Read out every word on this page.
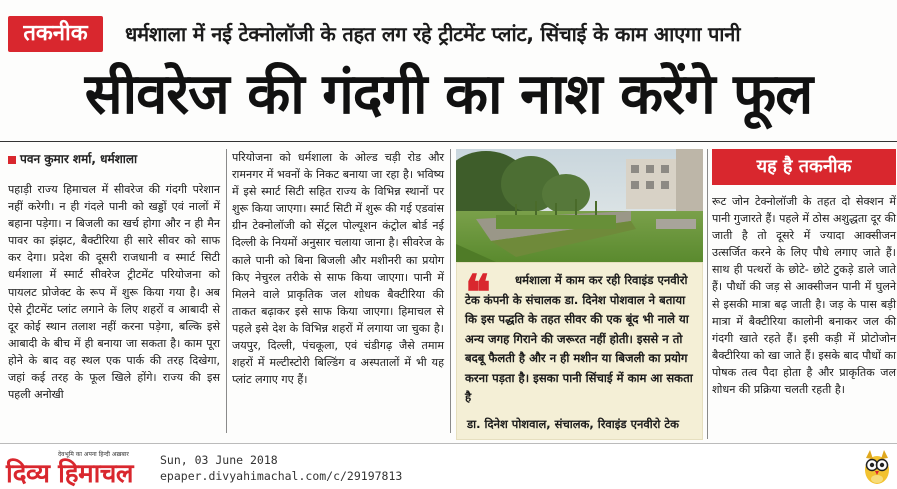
तकनीक	धर्मशाला में नई टेक्नोलॉजी के तहत लग रहे ट्रीटमेंट प्लांट, सिंचाई के काम आएगा पानी
सीवरेज की गंदगी का नाश करेंगे फूल
पवन कुमार शर्मा, धर्मशाला
पहाड़ी राज्य हिमाचल में सीवरेज की गंदगी परेशान नहीं करेगी। न ही गंदले पानी को खड्डों एवं नालों में बहाना पड़ेगा। न बिजली का खर्च होगा और न ही मैन पावर का झंझट, बैक्टीरिया ही सारे सीवर को साफ कर देगा। प्रदेश की दूसरी राजधानी व स्मार्ट सिटी धर्मशाला में स्मार्ट सीवरेज ट्रीटमेंट परियोजना को पायलट प्रोजेक्ट के रूप में शुरू किया गया है। अब ऐसे ट्रीटमेंट प्लांट लगाने के लिए शहरों व आबादी से दूर कोई स्थान तलाश नहीं करना पड़ेगा, बल्कि इसे आबादी के बीच में ही बनाया जा सकता है। काम पूरा होने के बाद वह स्थल एक पार्क की तरह दिखेगा, जहां कई तरह के फूल खिले होंगे। राज्य की इस पहली अनोखी
परियोजना को धर्मशाला के ओल्ड चड़ी रोड और रामनगर में भवनों के निकट बनाया जा रहा है। भविष्य में इसे स्मार्ट सिटी सहित राज्य के विभिन्न स्थानों पर शुरू किया जाएगा। स्मार्ट सिटी में शुरू की गई एडवांस ग्रीन टेक्नोलॉजी को सेंट्रल पोल्यूशन कंट्रोल बोर्ड नई दिल्ली के नियमों अनुसार चलाया जाना है। सीवरेज के काले पानी को बिना बिजली और मशीनरी का प्रयोग किए नेचुरल तरीके से साफ किया जाएगा। पानी में मिलने वाले प्राकृतिक जल शोधक बैक्टीरिया की ताकत बढ़ाकर इसे साफ किया जाएगा। हिमाचल से पहले इसे देश के विभिन्न शहरों में लगाया जा चुका है। जयपुर, दिल्ली, पंचकूला, एवं चंडीगढ़ जैसे तमाम शहरों में मल्टीस्टोरी बिल्डिंग व अस्पतालों में भी यह प्लांट लगाए गए हैं।
❝	धर्मशाला में काम कर रही रिवाइंड एनवीरो टेक कंपनी के संचालक डा. दिनेश पोशवाल ने बताया कि इस पद्धति के तहत सीवर की एक बूंद भी नाले या अन्य जगह गिराने की जरूरत नहीं होती। इससे न तो बदबू फैलती है और न ही मशीन या बिजली का प्रयोग करना पड़ता है। इसका पानी सिंचाई में काम आ सकता है
डा. दिनेश पोशवाल, संचालक, रिवाइंड एनवीरो टेक
यह है तकनीक
रूट जोन टेक्नोलॉजी के तहत दो सेक्शन में पानी गुजारते हैं। पहले में ठोस अशुद्धता दूर की जाती है तो दूसरे में ज्यादा आक्सीजन उत्सर्जित करने के लिए पौधे लगाए जाते हैं। साथ ही पत्थरों के छोटे- छोटे टुकड़े डाले जाते हैं। पौधों की जड़ से आक्सीजन पानी में घुलने से इसकी मात्रा बढ़ जाती है। जड़ के पास बड़ी मात्रा में बैक्टीरिया कालोनी बनाकर जल की गंदगी खाते रहते हैं। इसी कड़ी में प्रोटोजोन बैक्टीरिया को खा जाते हैं। इसके बाद पौधों का पोषक तत्व पैदा होता है और प्राकृतिक जल शोधन की प्रक्रिया चलती रहती है।
देवभूमि का अपना हिन्दी अख़बार
दिव्य हिमाचल Sun, 03 June 2018
epaper.divyahimachal.com/c/29197813
